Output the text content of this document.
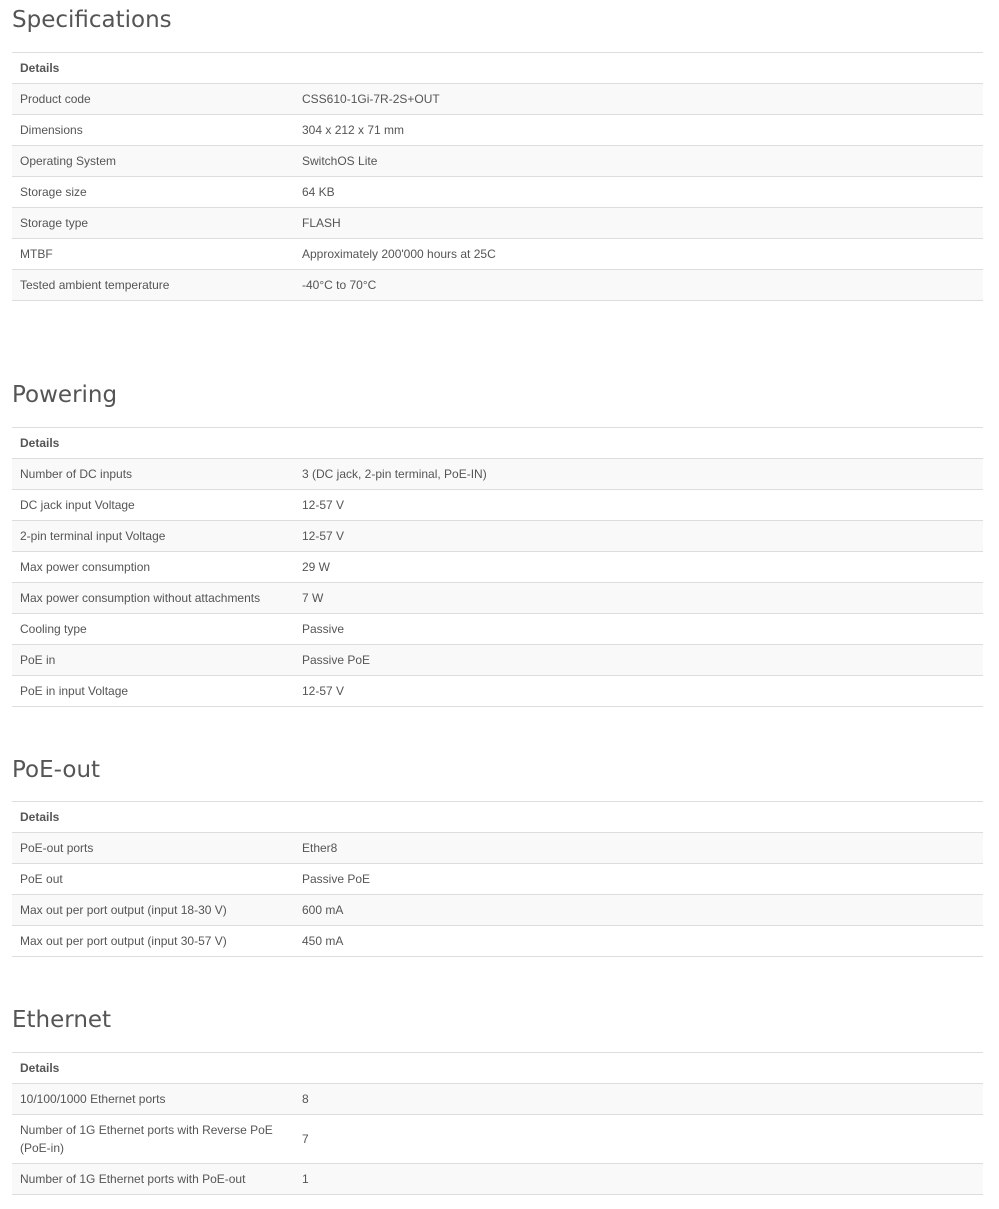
Specifications
Details	
Product code	CSS610-1Gi-7R-2S+OUT
Dimensions	304 x 212 x 71 mm
Operating System	SwitchOS Lite
Storage size	64 KB
Storage type	FLASH
MTBF	Approximately 200'000 hours at 25C
Tested ambient temperature	-40°C to 70°C
Powering
Details	
Number of DC inputs	3 (DC jack, 2-pin terminal, PoE-IN)
DC jack input Voltage	12-57 V
2-pin terminal input Voltage	12-57 V
Max power consumption	29 W
Max power consumption without attachments	7 W
Cooling type	Passive
PoE in	Passive PoE
PoE in input Voltage	12-57 V
PoE-out
Details	
PoE-out ports	Ether8
PoE out	Passive PoE
Max out per port output (input 18-30 V)	600 mA
Max out per port output (input 30-57 V)	450 mA
Ethernet
Details	
10/100/1000 Ethernet ports	8
Number of 1G Ethernet ports with Reverse PoE (PoE-in)	7
Number of 1G Ethernet ports with PoE-out	1
